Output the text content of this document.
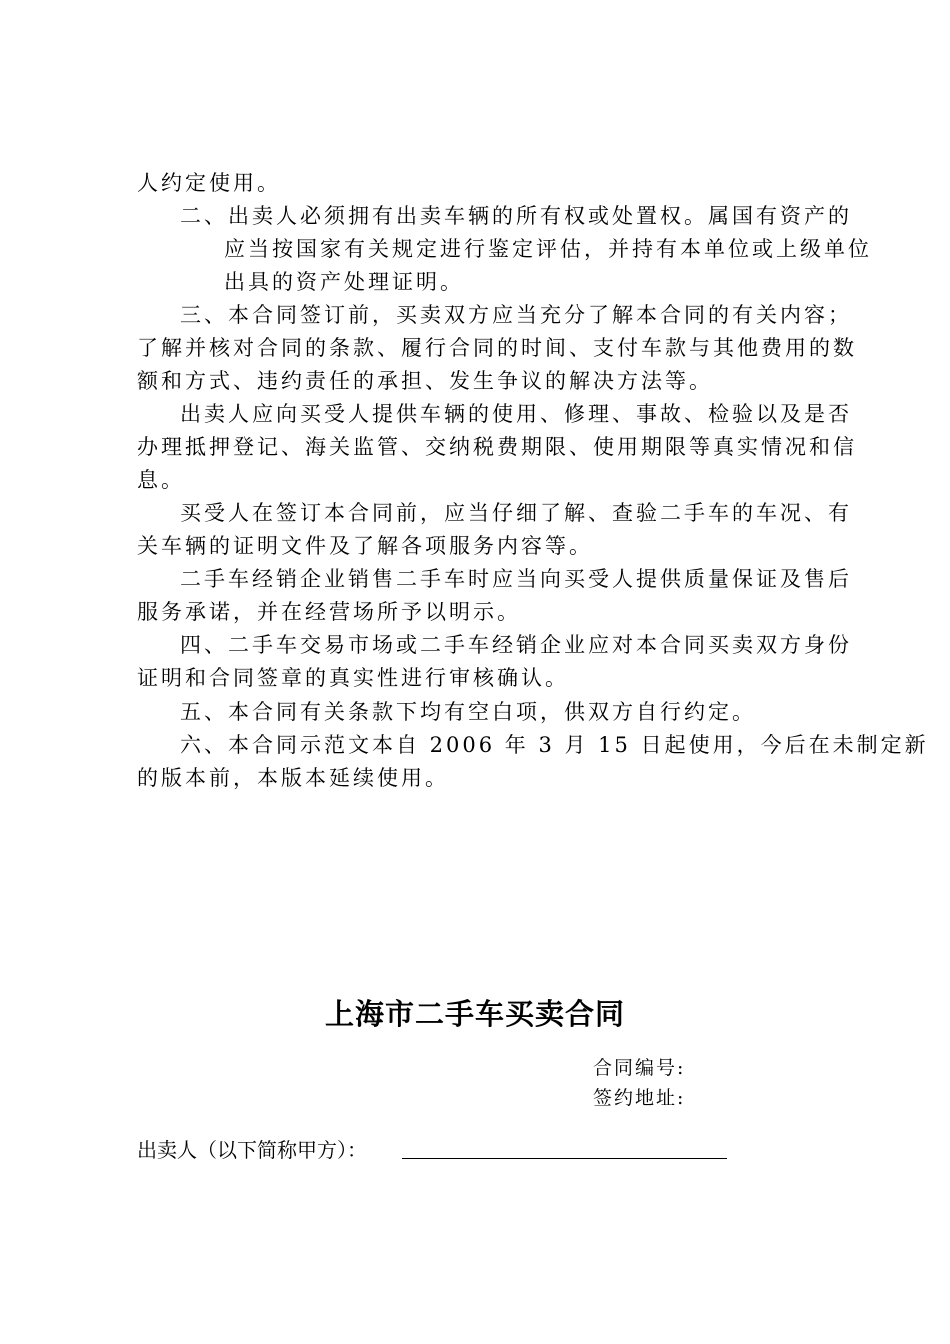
人约定使用。
二、出卖人必须拥有出卖车辆的所有权或处置权。属国有资产的
应当按国家有关规定进行鉴定评估，并持有本单位或上级单位
出具的资产处理证明。
三、本合同签订前，买卖双方应当充分了解本合同的有关内容；
了解并核对合同的条款、履行合同的时间、支付车款与其他费用的数
额和方式、违约责任的承担、发生争议的解决方法等。
出卖人应向买受人提供车辆的使用、修理、事故、检验以及是否
办理抵押登记、海关监管、交纳税费期限、使用期限等真实情况和信
息。
买受人在签订本合同前，应当仔细了解、查验二手车的车况、有
关车辆的证明文件及了解各项服务内容等。
二手车经销企业销售二手车时应当向买受人提供质量保证及售后
服务承诺，并在经营场所予以明示。
四、二手车交易市场或二手车经销企业应对本合同买卖双方身份
证明和合同签章的真实性进行审核确认。
五、本合同有关条款下均有空白项，供双方自行约定。
六、本合同示范文本自 2006 年 3 月 15 日起使用，今后在未制定新
的版本前，本版本延续使用。
上海市二手车买卖合同
合同编号:
签约地址:
出卖人（以下简称甲方）：
